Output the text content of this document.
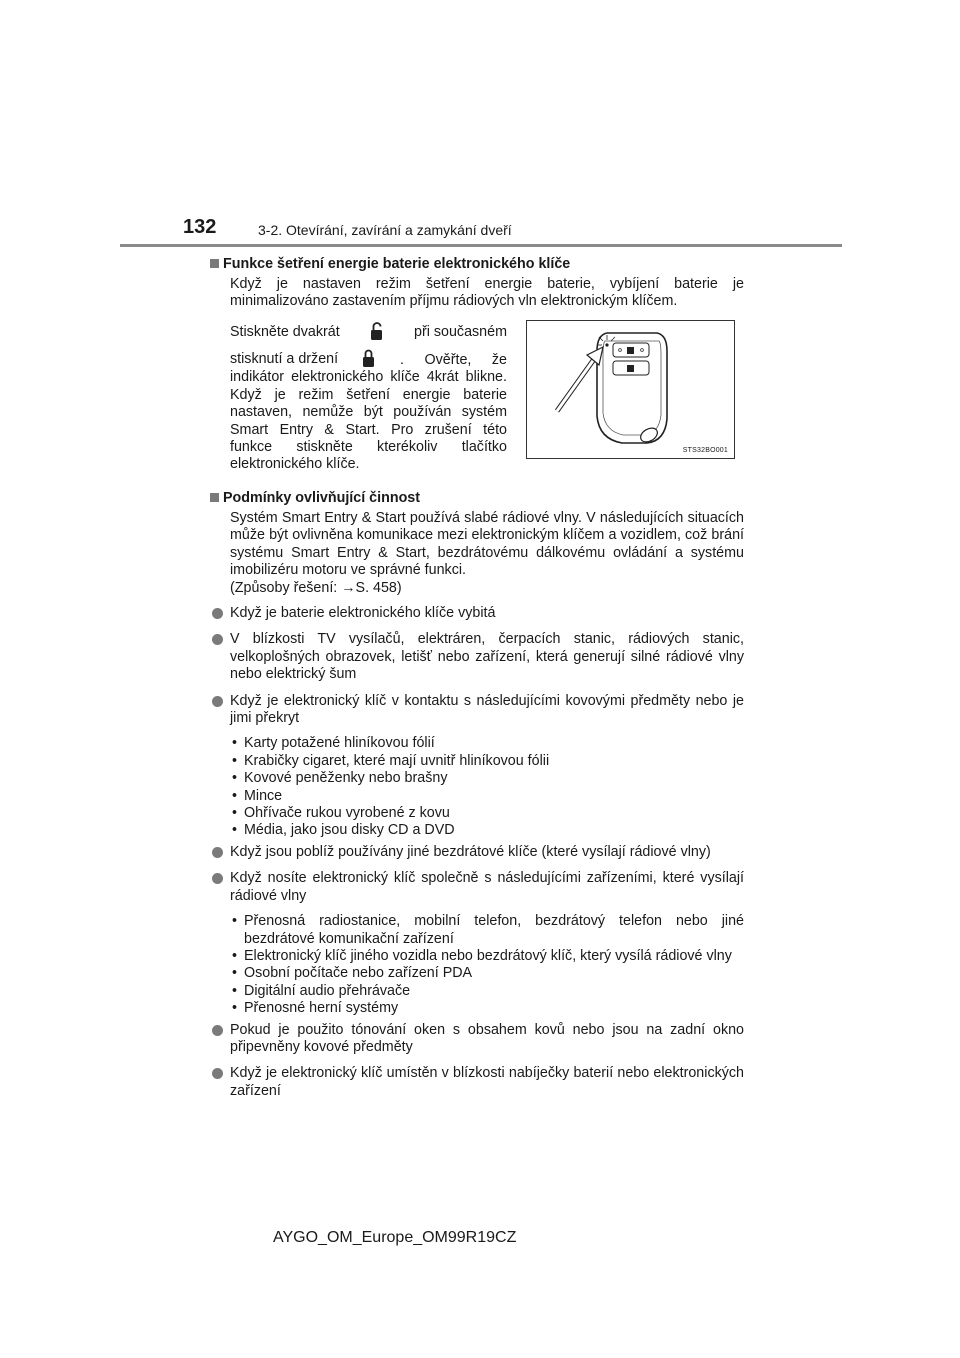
132	3-2. Otevírání, zavírání a zamykání dveří
Funkce šetření energie baterie elektronického klíče
Když je nastaven režim šetření energie baterie, vybíjení baterie je minimalizováno zastavením příjmu rádiových vln elektronickým klíčem.
Stiskněte dvakrát	při současném
stisknutí a držení	. Ověřte, že indikátor elektronického klíče 4krát blikne. Když je režim šetření energie baterie nastaven, nemůže být používán systém Smart Entry & Start. Pro zrušení této funkce stiskněte kterékoliv tlačítko elektronického klíče.
STS32BO001
Podmínky ovlivňující činnost
Systém Smart Entry & Start používá slabé rádiové vlny. V následujících situacích může být ovlivněna komunikace mezi elektronickým klíčem a vozidlem, což brání systému Smart Entry & Start, bezdrátovému dálkovému ovládání a systému imobilizéru motoru ve správné funkci.
(Způsoby řešení: →S. 458)
Když je baterie elektronického klíče vybitá
V blízkosti TV vysílačů, elektráren, čerpacích stanic, rádiových stanic, velkoplošných obrazovek, letišť nebo zařízení, která generují silné rádiové vlny nebo elektrický šum
Když je elektronický klíč v kontaktu s následujícími kovovými předměty nebo je jimi překryt
• Karty potažené hliníkovou fólií
• Krabičky cigaret, které mají uvnitř hliníkovou fólii
• Kovové peněženky nebo brašny
• Mince
• Ohřívače rukou vyrobené z kovu
• Média, jako jsou disky CD a DVD
Když jsou poblíž používány jiné bezdrátové klíče (které vysílají rádiové vlny)
Když nosíte elektronický klíč společně s následujícími zařízeními, které vysílají rádiové vlny
• Přenosná radiostanice, mobilní telefon, bezdrátový telefon nebo jiné bezdrátové komunikační zařízení
• Elektronický klíč jiného vozidla nebo bezdrátový klíč, který vysílá rádiové vlny
• Osobní počítače nebo zařízení PDA
• Digitální audio přehrávače
• Přenosné herní systémy
Pokud je použito tónování oken s obsahem kovů nebo jsou na zadní okno připevněny kovové předměty
Když je elektronický klíč umístěn v blízkosti nabíječky baterií nebo elektronických zařízení
AYGO_OM_Europe_OM99R19CZ
